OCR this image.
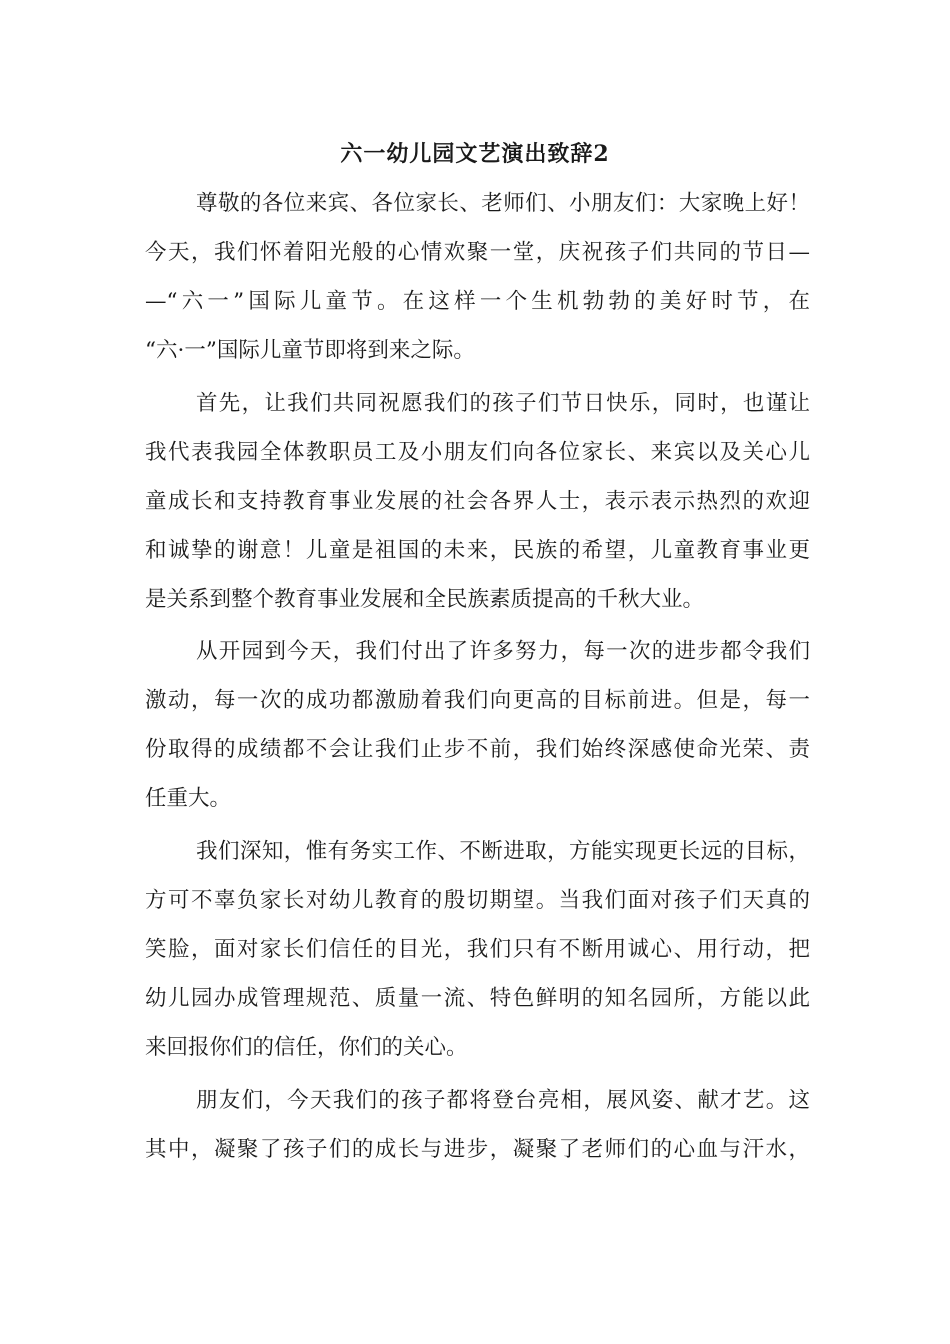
六一幼儿园文艺演出致辞2
尊敬的各位来宾、各位家长、老师们、小朋友们：大家晚上好！
今天，我们怀着阳光般的心情欢聚一堂，庆祝孩子们共同的节日—
—“六一”国际儿童节。在这样一个生机勃勃的美好时节，在
“六·一”国际儿童节即将到来之际。
首先，让我们共同祝愿我们的孩子们节日快乐，同时，也谨让
我代表我园全体教职员工及小朋友们向各位家长、来宾以及关心儿
童成长和支持教育事业发展的社会各界人士，表示表示热烈的欢迎
和诚挚的谢意！儿童是祖国的未来，民族的希望，儿童教育事业更
是关系到整个教育事业发展和全民族素质提高的千秋大业。
从开园到今天，我们付出了许多努力，每一次的进步都令我们
激动，每一次的成功都激励着我们向更高的目标前进。但是，每一
份取得的成绩都不会让我们止步不前，我们始终深感使命光荣、责
任重大。
我们深知，惟有务实工作、不断进取，方能实现更长远的目标，
方可不辜负家长对幼儿教育的殷切期望。当我们面对孩子们天真的
笑脸，面对家长们信任的目光，我们只有不断用诚心、用行动，把
幼儿园办成管理规范、质量一流、特色鲜明的知名园所，方能以此
来回报你们的信任，你们的关心。
朋友们，今天我们的孩子都将登台亮相，展风姿、献才艺。这
其中，凝聚了孩子们的成长与进步，凝聚了老师们的心血与汗水，
